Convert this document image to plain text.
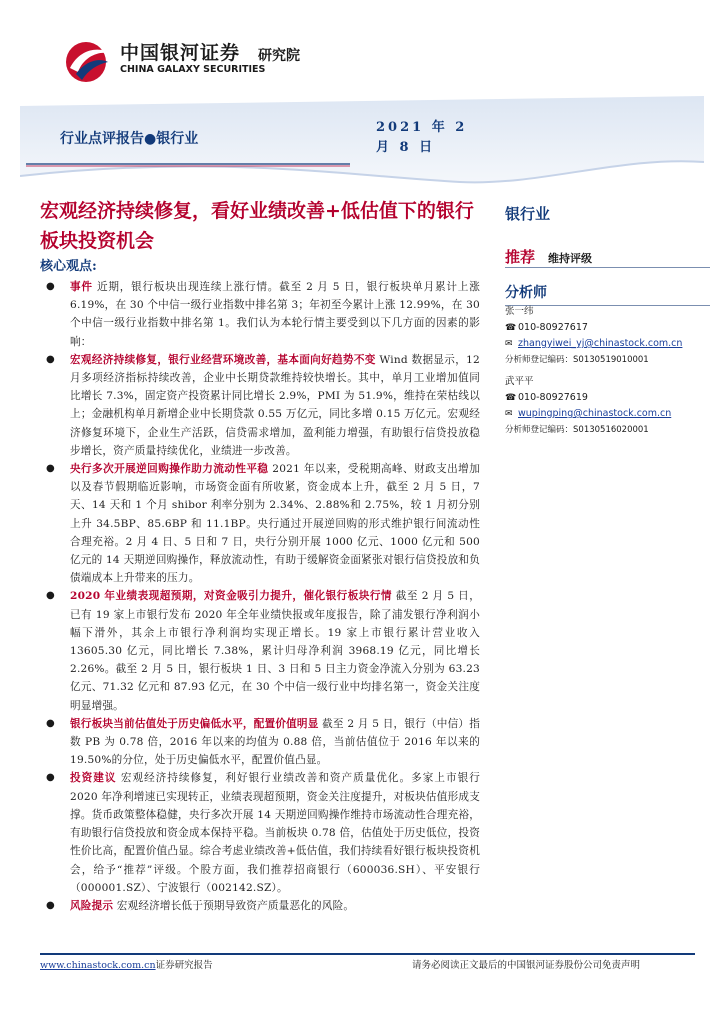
中国银河证券
CHINA GALAXY SECURITIES
研究院
行业点评报告●银行业
2021 年 2 月 8 日
宏观经济持续修复，看好业绩改善+低估值下的银行板块投资机会
核心观点:
银行业
推荐 维持评级
分析师
张一纬
☎ 010-80927617
✉ zhangyiwei_yj@chinastock.com.cn
分析师登记编码：S0130519010001
武平平
☎ 010-80927619
✉ wupingping@chinastock.com.cn
分析师登记编码：S0130516020001
● 事件 近期，银行板块出现连续上涨行情。截至 2 月 5 日，银行板块单月累计上涨 6.19%，在 30 个中信一级行业指数中排名第 3；年初至今累计上涨 12.99%，在 30 个中信一级行业指数中排名第 1。我们认为本轮行情主要受到以下几方面的因素的影响：
● 宏观经济持续修复，银行业经营环境改善，基本面向好趋势不变 Wind 数据显示，12 月多项经济指标持续改善，企业中长期贷款维持较快增长。其中，单月工业增加值同比增长 7.3%，固定资产投资累计同比增长 2.9%，PMI 为 51.9%，维持在荣枯线以上；金融机构单月新增企业中长期贷款 0.55 万亿元，同比多增 0.15 万亿元。宏观经济修复环境下，企业生产活跃，信贷需求增加，盈利能力增强，有助银行信贷投放稳步增长，资产质量持续优化，业绩进一步改善。
● 央行多次开展逆回购操作助力流动性平稳 2021 年以来，受税期高峰、财政支出增加以及春节假期临近影响，市场资金面有所收紧，资金成本上升，截至 2 月 5 日，7 天、14 天和 1 个月 shibor 利率分别为 2.34%、2.88%和 2.75%，较 1 月初分别上升 34.5BP、85.6BP 和 11.1BP。央行通过开展逆回购的形式维护银行间流动性合理充裕。2 月 4 日、5 日和 7 日，央行分别开展 1000 亿元、1000 亿元和 500 亿元的 14 天期逆回购操作，释放流动性，有助于缓解资金面紧张对银行信贷投放和负债端成本上升带来的压力。
● 2020 年业绩表现超预期，对资金吸引力提升，催化银行板块行情 截至 2 月 5 日，已有 19 家上市银行发布 2020 年全年业绩快报或年度报告，除了浦发银行净利润小幅下滑外，其余上市银行净利润均实现正增长。19 家上市银行累计营业收入 13605.30 亿元，同比增长 7.38%，累计归母净利润 3968.19 亿元，同比增长 2.26%。截至 2 月 5 日，银行板块 1 日、3 日和 5 日主力资金净流入分别为 63.23 亿元、71.32 亿元和 87.93 亿元，在 30 个中信一级行业中均排名第一，资金关注度明显增强。
● 银行板块当前估值处于历史偏低水平，配置价值明显 截至 2 月 5 日，银行（中信）指数 PB 为 0.78 倍，2016 年以来的均值为 0.88 倍，当前估值位于 2016 年以来的 19.50%的分位，处于历史偏低水平，配置价值凸显。
● 投资建议 宏观经济持续修复，利好银行业绩改善和资产质量优化。多家上市银行 2020 年净利增速已实现转正，业绩表现超预期，资金关注度提升，对板块估值形成支撑。货币政策整体稳健，央行多次开展 14 天期逆回购操作维持市场流动性合理充裕，有助银行信贷投放和资金成本保持平稳。当前板块 0.78 倍，估值处于历史低位，投资性价比高，配置价值凸显。综合考虑业绩改善+低估值，我们持续看好银行板块投资机会，给予“推荐”评级。个股方面，我们推荐招商银行（600036.SH）、平安银行（000001.SZ）、宁波银行（002142.SZ）。
● 风险提示 宏观经济增长低于预期导致资产质量恶化的风险。
www.chinastock.com.cn证券研究报告	请务必阅读正文最后的中国银河证券股份公司免责声明
